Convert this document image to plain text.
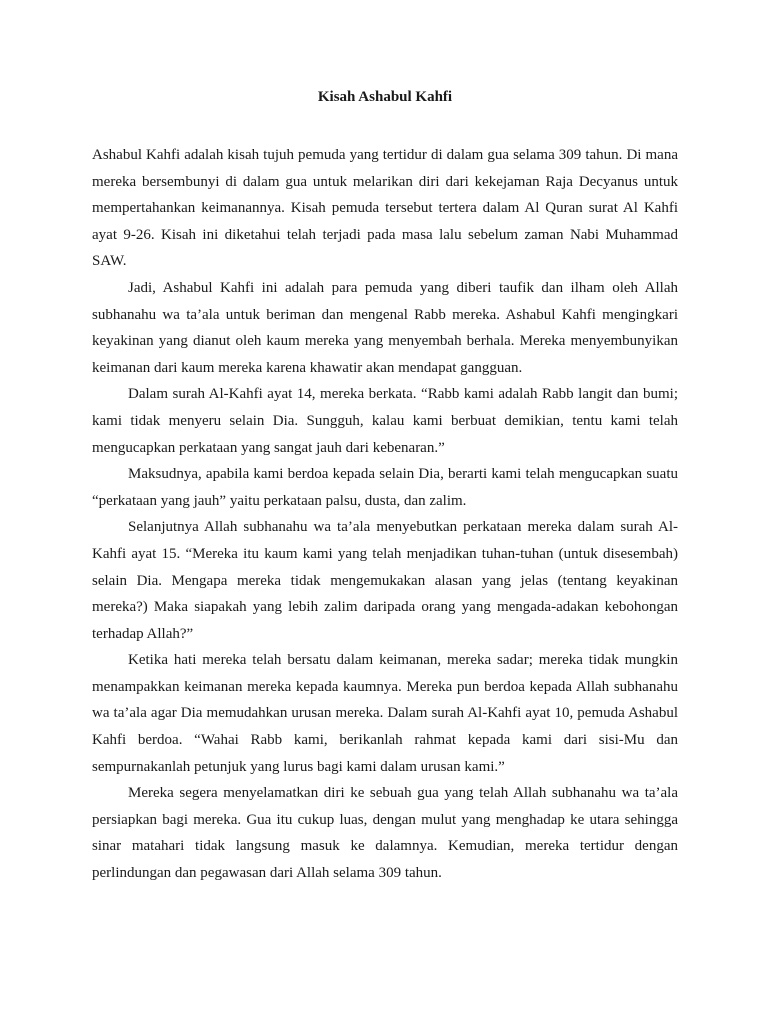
Kisah Ashabul Kahfi

Ashabul Kahfi adalah kisah tujuh pemuda yang tertidur di dalam gua selama 309 tahun. Di mana mereka bersembunyi di dalam gua untuk melarikan diri dari kekejaman Raja Decyanus untuk mempertahankan keimanannya. Kisah pemuda tersebut tertera dalam Al Quran surat Al Kahfi ayat 9-26. Kisah ini diketahui telah terjadi pada masa lalu sebelum zaman Nabi Muhammad SAW.

Jadi, Ashabul Kahfi ini adalah para pemuda yang diberi taufik dan ilham oleh Allah subhanahu wa ta’ala untuk beriman dan mengenal Rabb mereka. Ashabul Kahfi mengingkari keyakinan yang dianut oleh kaum mereka yang menyembah berhala. Mereka menyembunyikan keimanan dari kaum mereka karena khawatir akan mendapat gangguan.

Dalam surah Al-Kahfi ayat 14, mereka berkata. “Rabb kami adalah Rabb langit dan bumi; kami tidak menyeru selain Dia. Sungguh, kalau kami berbuat demikian, tentu kami telah mengucapkan perkataan yang sangat jauh dari kebenaran.”

Maksudnya, apabila kami berdoa kepada selain Dia, berarti kami telah mengucapkan suatu “perkataan yang jauh” yaitu perkataan palsu, dusta, dan zalim.

Selanjutnya Allah subhanahu wa ta’ala menyebutkan perkataan mereka dalam surah Al-Kahfi ayat 15. “Mereka itu kaum kami yang telah menjadikan tuhan-tuhan (untuk disesembah) selain Dia. Mengapa mereka tidak mengemukakan alasan yang jelas (tentang keyakinan mereka?) Maka siapakah yang lebih zalim daripada orang yang mengada-adakan kebohongan terhadap Allah?”

Ketika hati mereka telah bersatu dalam keimanan, mereka sadar; mereka tidak mungkin menampakkan keimanan mereka kepada kaumnya. Mereka pun berdoa kepada Allah subhanahu wa ta’ala agar Dia memudahkan urusan mereka. Dalam surah Al-Kahfi ayat 10, pemuda Ashabul Kahfi berdoa. “Wahai Rabb kami, berikanlah rahmat kepada kami dari sisi-Mu dan sempurnakanlah petunjuk yang lurus bagi kami dalam urusan kami.”

Mereka segera menyelamatkan diri ke sebuah gua yang telah Allah subhanahu wa ta’ala persiapkan bagi mereka. Gua itu cukup luas, dengan mulut yang menghadap ke utara sehingga sinar matahari tidak langsung masuk ke dalamnya. Kemudian, mereka tertidur dengan perlindungan dan pegawasan dari Allah selama 309 tahun.
